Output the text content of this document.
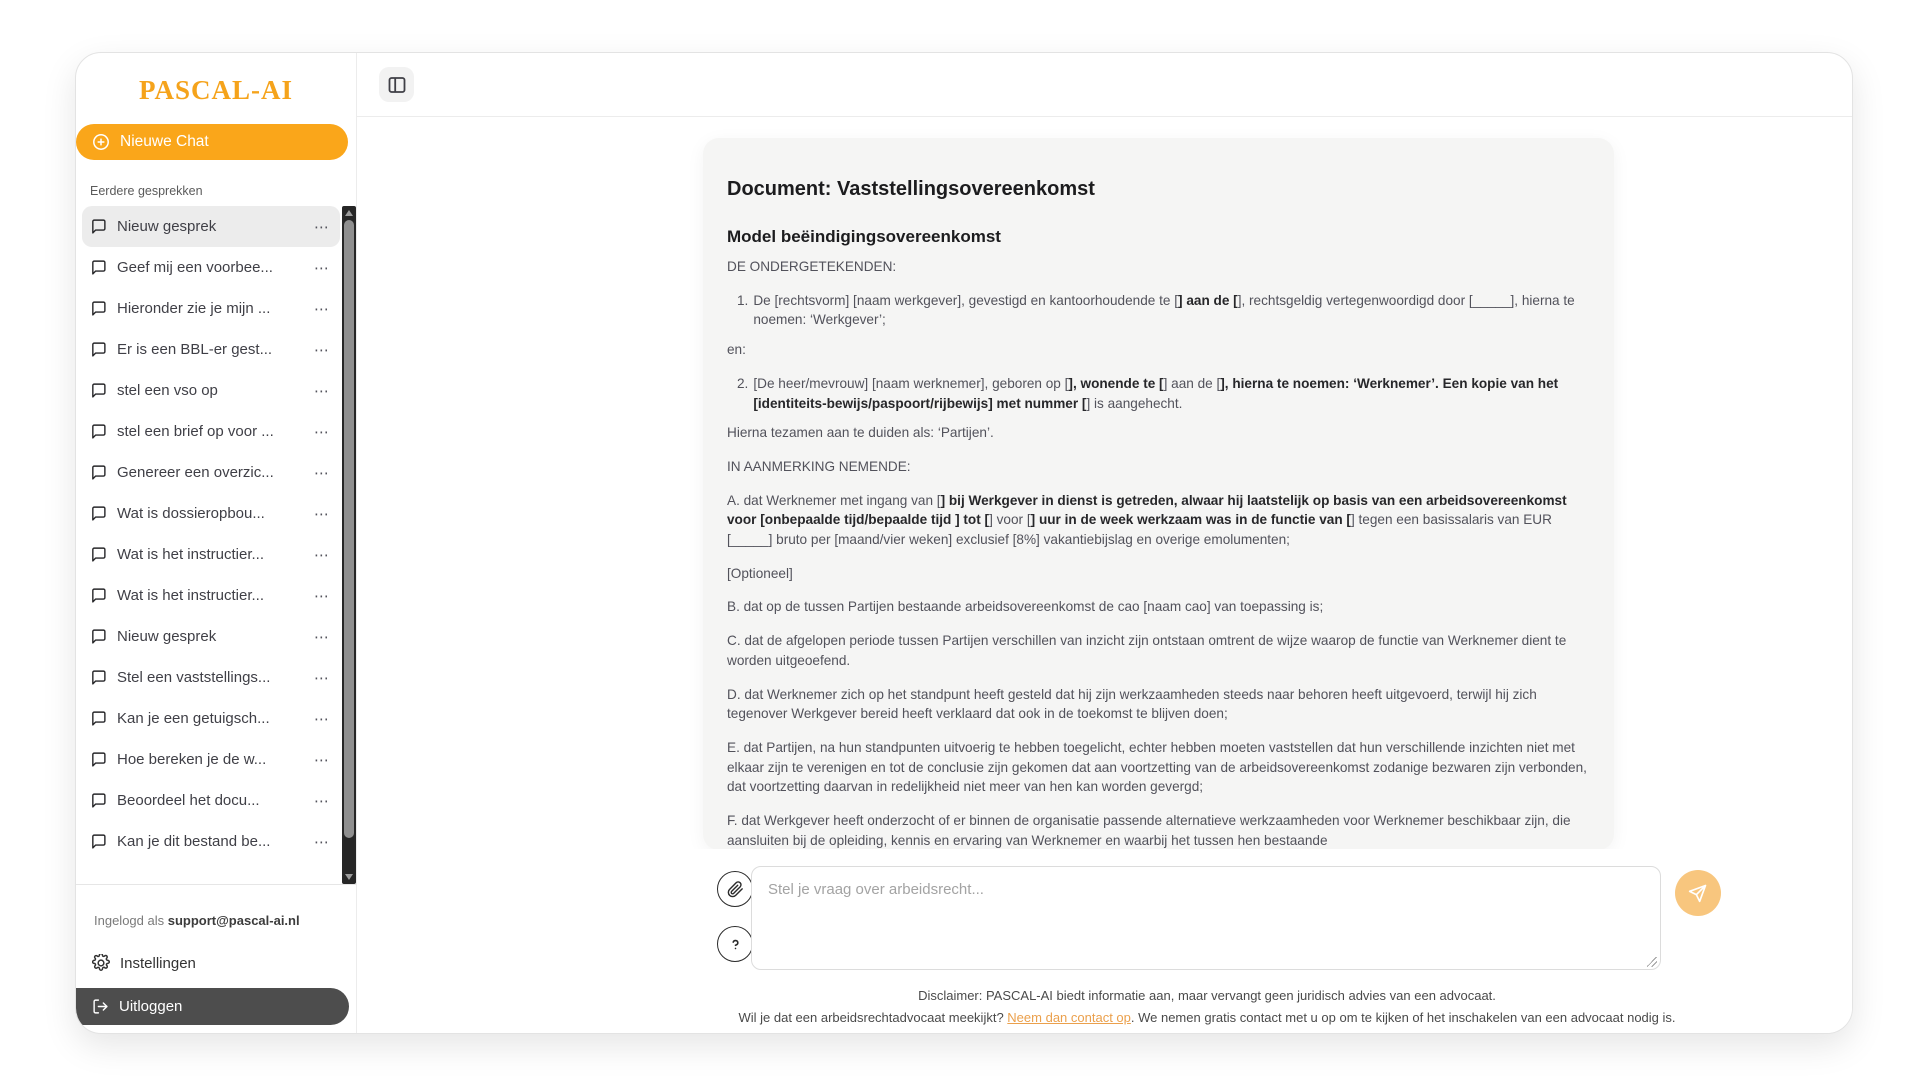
PASCAL-AI
Nieuwe Chat
Eerdere gesprekken
Nieuw gesprek	⋯
Geef mij een voorbee...	⋯
Hieronder zie je mijn ...	⋯
Er is een BBL-er gest...	⋯
stel een vso op	⋯
stel een brief op voor ...	⋯
Genereer een overzic...	⋯
Wat is dossieropbou...	⋯
Wat is het instructier...	⋯
Wat is het instructier...	⋯
Nieuw gesprek	⋯
Stel een vaststellings...	⋯
Kan je een getuigsch...	⋯
Hoe bereken je de w...	⋯
Beoordeel het docu...	⋯
Kan je dit bestand be...	⋯
Ingelogd als support@pascal-ai.nl
Instellingen
Uitloggen
Document: Vaststellingsovereenkomst
Model beëindigingsovereenkomst
DE ONDERGETEKENDEN:
1. De [rechtsvorm] [naam werkgever], gevestigd en kantoorhoudende te [] aan de [], rechtsgeldig vertegenwoordigd door [_____], hierna te noemen: ‘Werkgever’;
en:
2. [De heer/mevrouw] [naam werknemer], geboren op [], wonende te [] aan de [], hierna te noemen: ‘Werknemer’. Een kopie van het [identiteits-bewijs/paspoort/rijbewijs] met nummer [] is aangehecht.
Hierna tezamen aan te duiden als: ‘Partijen’.
IN AANMERKING NEMENDE:
A. dat Werknemer met ingang van [] bij Werkgever in dienst is getreden, alwaar hij laatstelijk op basis van een arbeidsovereenkomst voor [onbepaalde tijd/bepaalde tijd ] tot [] voor [] uur in de week werkzaam was in de functie van [] tegen een basissalaris van EUR [_____] bruto per [maand/vier weken] exclusief [8%] vakantiebijslag en overige emolumenten;
[Optioneel]
B. dat op de tussen Partijen bestaande arbeidsovereenkomst de cao [naam cao] van toepassing is;
C. dat de afgelopen periode tussen Partijen verschillen van inzicht zijn ontstaan omtrent de wijze waarop de functie van Werknemer dient te worden uitgeoefend.
D. dat Werknemer zich op het standpunt heeft gesteld dat hij zijn werkzaamheden steeds naar behoren heeft uitgevoerd, terwijl hij zich tegenover Werkgever bereid heeft verklaard dat ook in de toekomst te blijven doen;
E. dat Partijen, na hun standpunten uitvoerig te hebben toegelicht, echter hebben moeten vaststellen dat hun verschillende inzichten niet met elkaar zijn te verenigen en tot de conclusie zijn gekomen dat aan voortzetting van de arbeidsovereenkomst zodanige bezwaren zijn verbonden, dat voortzetting daarvan in redelijkheid niet meer van hen kan worden gevergd;
F. dat Werkgever heeft onderzocht of er binnen de organisatie passende alternatieve werkzaamheden voor Werknemer beschikbaar zijn, die aansluiten bij de opleiding, kennis en ervaring van Werknemer en waarbij het tussen hen bestaande
Stel je vraag over arbeidsrecht...
Disclaimer: PASCAL-AI biedt informatie aan, maar vervangt geen juridisch advies van een advocaat.
Wil je dat een arbeidsrechtadvocaat meekijkt? Neem dan contact op. We nemen gratis contact met u op om te kijken of het inschakelen van een advocaat nodig is.
